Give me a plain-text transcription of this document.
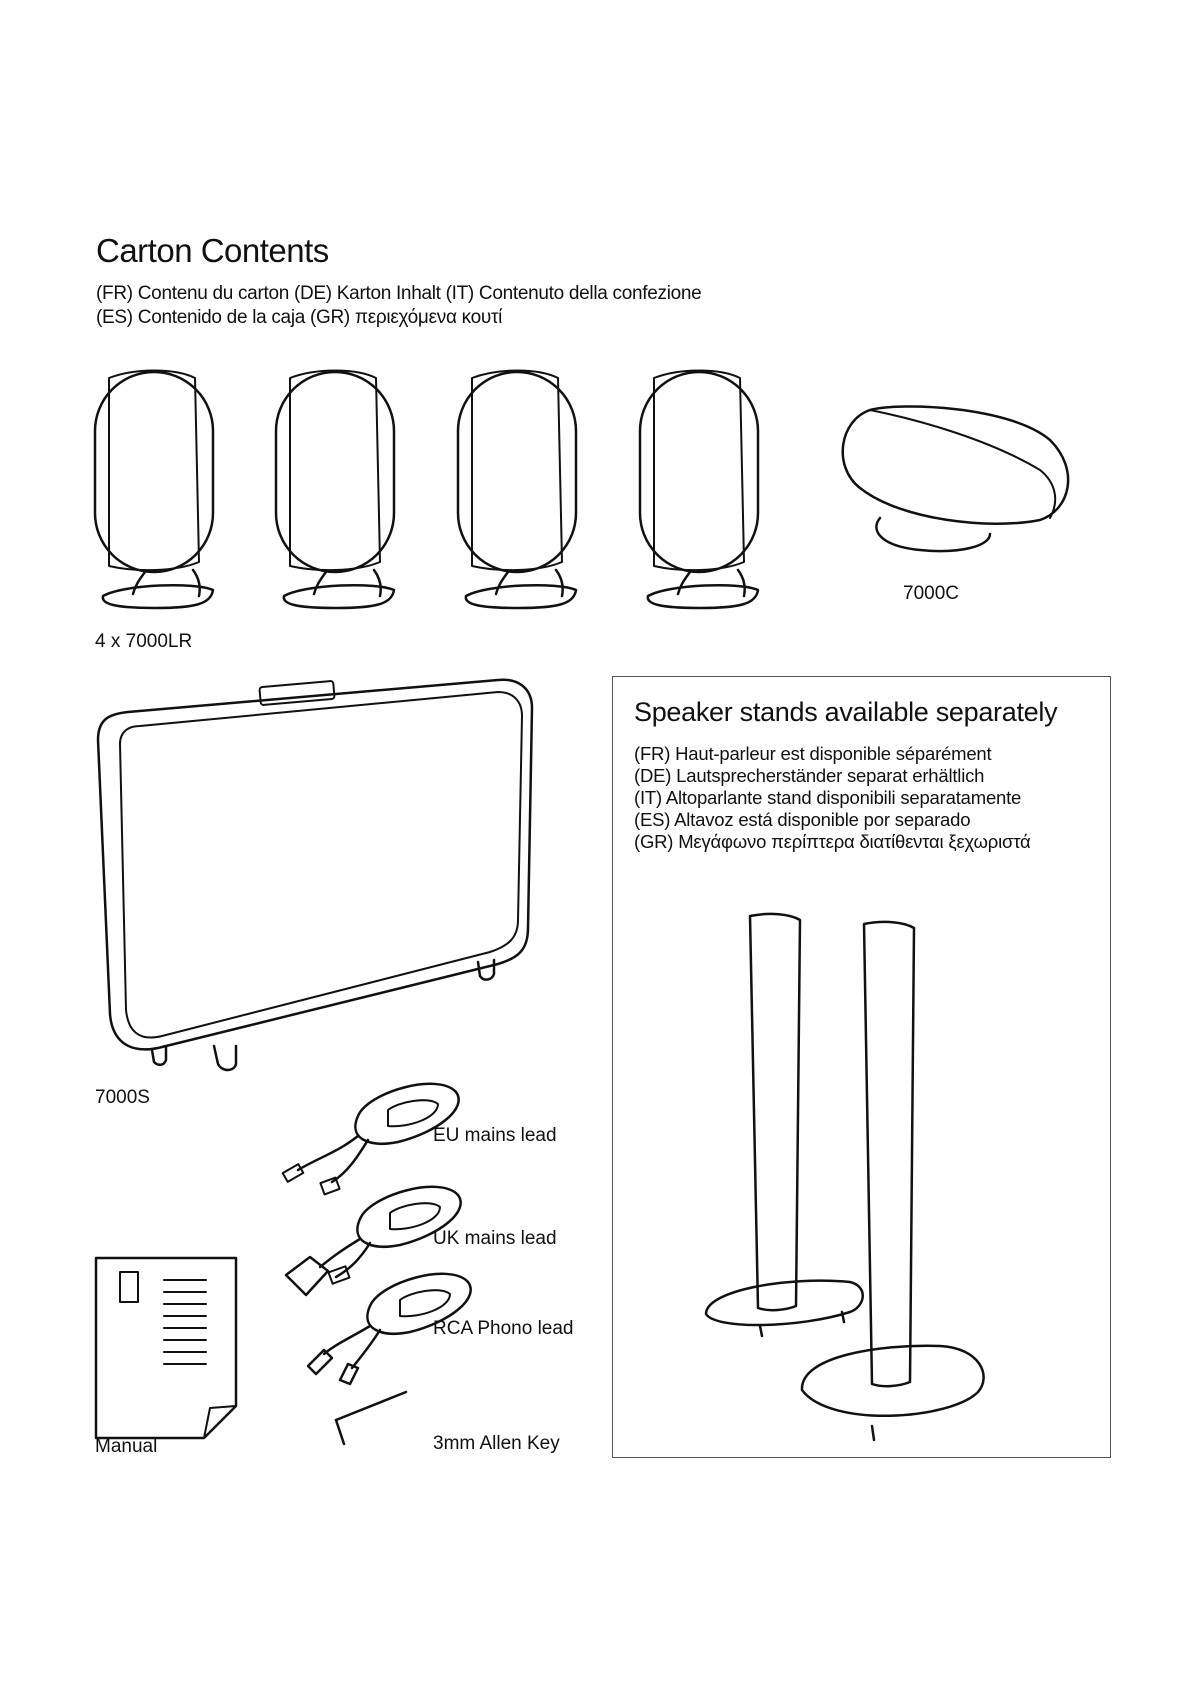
Carton Contents
(FR) Contenu du carton (DE) Karton Inhalt (IT) Contenuto della confezione
(ES) Contenido de la caja (GR) περιεχόμενα κουτί
4 x 7000LR
7000C
7000S
EU mains lead
UK mains lead
RCA Phono lead
Manual	3mm Allen Key
Speaker stands available separately
(FR) Haut-parleur est disponible séparément
(DE) Lautsprecherständer separat erhältlich
(IT) Altoparlante stand disponibili separatamente
(ES) Altavoz está disponible por separado
(GR) Μεγάφωνο περίπτερα διατίθενται ξεχωριστά
